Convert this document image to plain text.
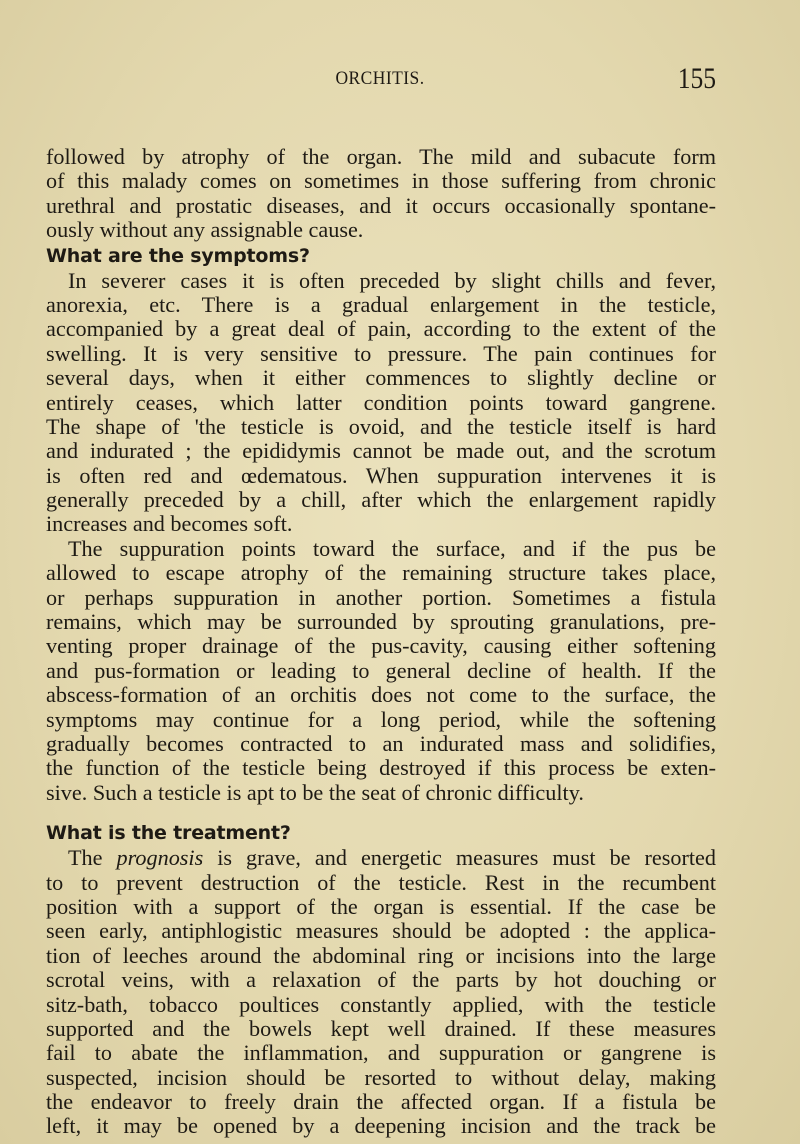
ORCHITIS.	155
followed by atrophy of the organ. The mild and subacute form
of this malady comes on sometimes in those suffering from chronic
urethral and prostatic diseases, and it occurs occasionally spontane-
ously without any assignable cause.
What are the symptoms?
In severer cases it is often preceded by slight chills and fever,
anorexia, etc. There is a gradual enlargement in the testicle,
accompanied by a great deal of pain, according to the extent of the
swelling. It is very sensitive to pressure. The pain continues for
several days, when it either commences to slightly decline or
entirely ceases, which latter condition points toward gangrene.
The shape of 'the testicle is ovoid, and the testicle itself is hard
and indurated ; the epididymis cannot be made out, and the scrotum
is often red and œdematous. When suppuration intervenes it is
generally preceded by a chill, after which the enlargement rapidly
increases and becomes soft.
The suppuration points toward the surface, and if the pus be
allowed to escape atrophy of the remaining structure takes place,
or perhaps suppuration in another portion. Sometimes a fistula
remains, which may be surrounded by sprouting granulations, pre-
venting proper drainage of the pus-cavity, causing either softening
and pus-formation or leading to general decline of health. If the
abscess-formation of an orchitis does not come to the surface, the
symptoms may continue for a long period, while the softening
gradually becomes contracted to an indurated mass and solidifies,
the function of the testicle being destroyed if this process be exten-
sive. Such a testicle is apt to be the seat of chronic difficulty.
What is the treatment?
The prognosis is grave, and energetic measures must be resorted
to to prevent destruction of the testicle. Rest in the recumbent
position with a support of the organ is essential. If the case be
seen early, antiphlogistic measures should be adopted : the applica-
tion of leeches around the abdominal ring or incisions into the large
scrotal veins, with a relaxation of the parts by hot douching or
sitz-bath, tobacco poultices constantly applied, with the testicle
supported and the bowels kept well drained. If these measures
fail to abate the inflammation, and suppuration or gangrene is
suspected, incision should be resorted to without delay, making
the endeavor to freely drain the affected organ. If a fistula be
left, it may be opened by a deepening incision and the track be
